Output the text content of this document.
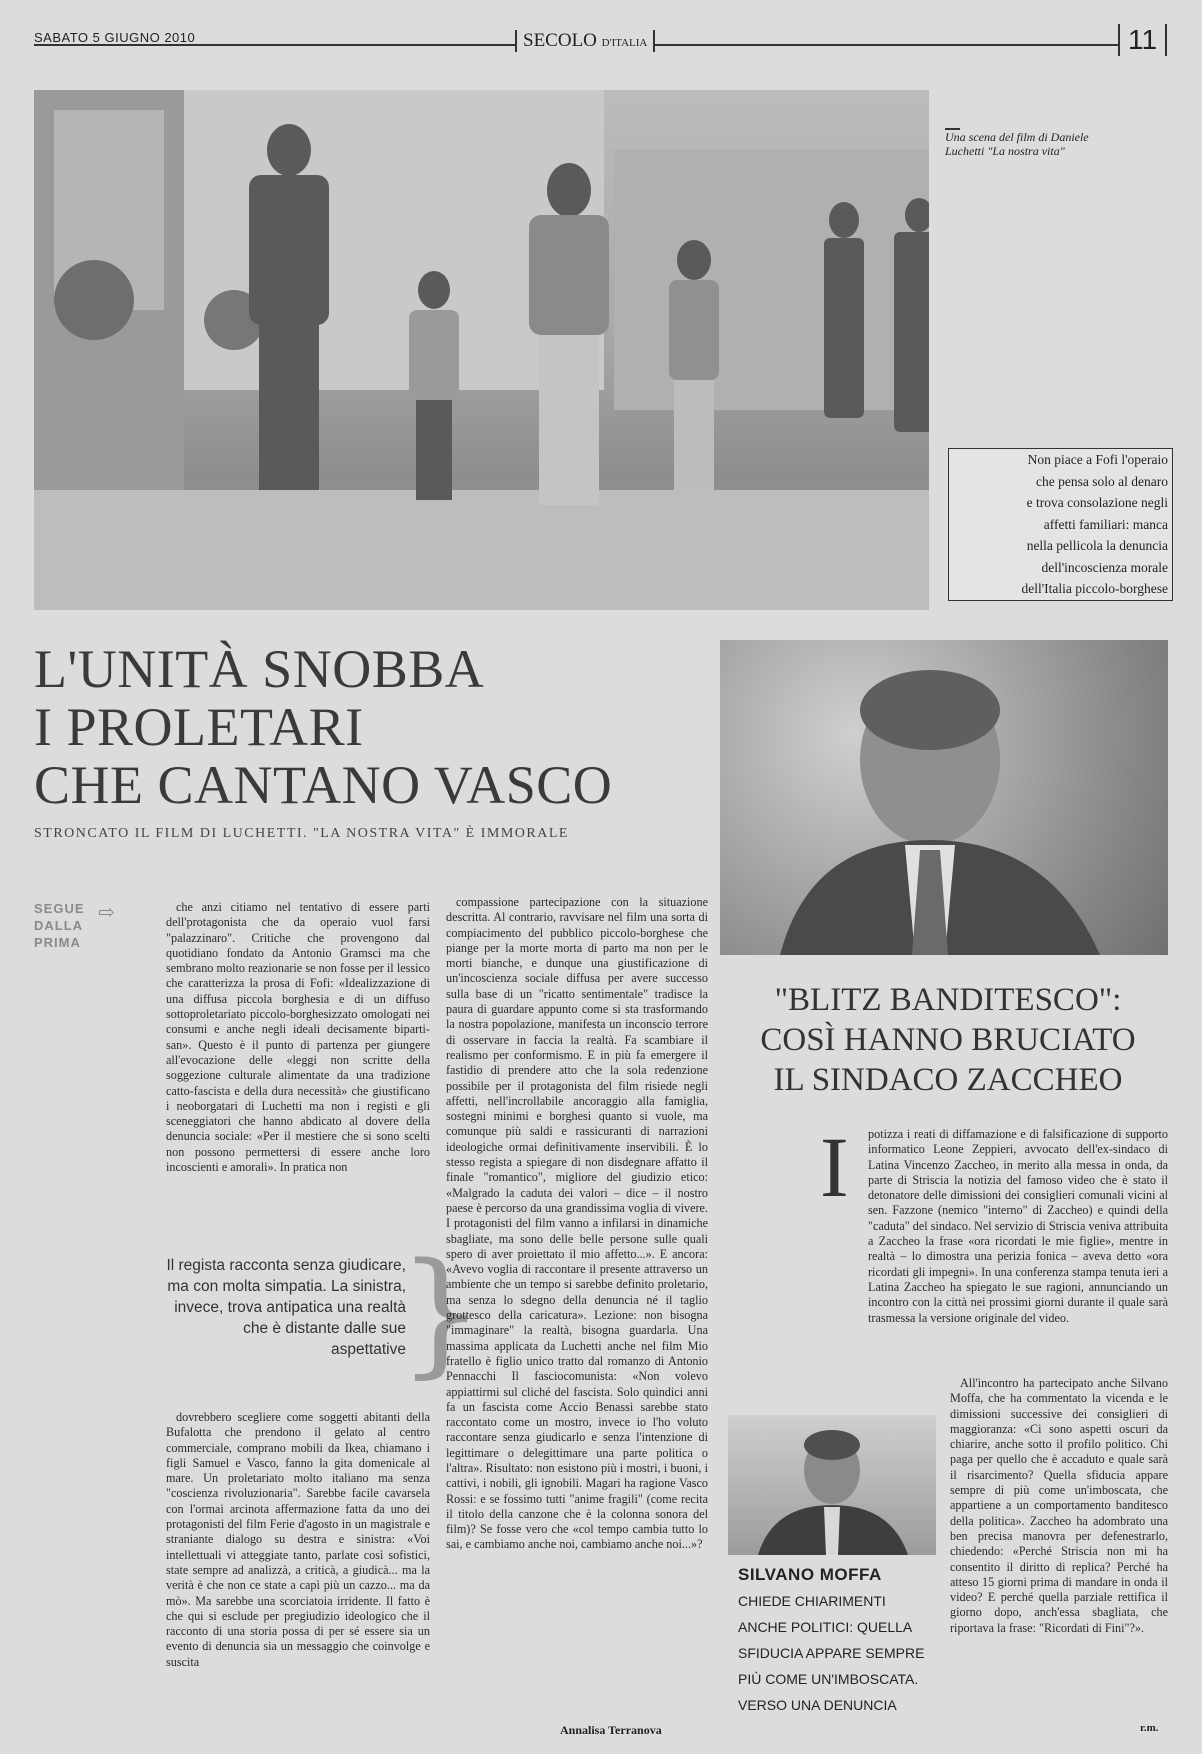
SABATO 5 GIUGNO 2010	SECOLO D'ITALIA	11
Una scena del film di Daniele Luchetti "La nostra vita"
Non piace a Fofi l'operaio
che pensa solo al denaro
e trova consolazione negli
affetti familiari: manca
nella pellicola la denuncia
dell'incoscienza morale
dell'Italia piccolo-borghese
L'UNITÀ SNOBBA
I PROLETARI
CHE CANTANO VASCO
STRONCATO IL FILM DI LUCHETTI. "LA NOSTRA VITA" È IMMORALE
SEGUE
DALLA
PRIMA
⇨	che anzi citiamo nel tentativo di essere parti dell'protagonista che da operaio vuol farsi "palazzinaro". Critiche che provengono dal quotidiano fondato da Antonio Gramsci ma che sembrano molto reazionarie se non fosse per il lessico che caratterizza la prosa di Fofi: «Idealizzazione di una diffusa piccola borghesia e di un diffuso sottoproletariato piccolo-borghesizzato omologati nei consumi e anche negli ideali decisamente biparti-san». Questo è il punto di partenza per giungere all'evocazione delle «leggi non scritte della soggezione culturale alimentate da una tradizione catto-fascista e della dura necessità» che giustificano i neoborgatari di Luchetti ma non i registi e gli sceneggiatori che hanno abdicato al dovere della denuncia sociale: «Per il mestiere che si sono scelti non possono permettersi di essere anche loro incoscienti e amorali». In pratica non

Il regista racconta senza giudicare, ma con molta simpatia. La sinistra, invece, trova antipatica una realtà che è distante dalle sue aspettative
}

dovrebbero scegliere come soggetti abitanti della Bufalotta che prendono il gelato al centro commerciale, comprano mobili da Ikea, chiamano i figli Samuel e Vasco, fanno la gita domenicale al mare. Un proletariato molto italiano ma senza "coscienza rivoluzionaria". Sarebbe facile cavarsela con l'ormai arcinota affermazione fatta da uno dei protagonisti del film Ferie d'agosto in un magistrale e straniante dialogo su destra e sinistra: «Voi intellettuali vi atteggiate tanto, parlate così sofistici, state sempre ad analizzà, a criticà, a giudicà... ma la verità è che non ce state a capì più un cazzo... ma da mò». Ma sarebbe una scorciatoia irridente. Il fatto è che qui si esclude per pregiudizio ideologico che il racconto di una storia possa di per sé essere sia un evento di denuncia sia un messaggio che coinvolge e suscita

compassione partecipazione con la situazione descritta. Al contrario, ravvisare nel film una sorta di compiacimento del pubblico piccolo-borghese che piange per la morte morta di parto ma non per le morti bianche, e dunque una giustificazione di un'incoscienza sociale diffusa per avere successo sulla base di un "ricatto sentimentale" tradisce la paura di guardare appunto come si sta trasformando la nostra popolazione, manifesta un inconscio terrore di osservare in faccia la realtà. Fa scambiare il realismo per conformismo. E in più fa emergere il fastidio di prendere atto che la sola redenzione possibile per il protagonista del film risiede negli affetti, nell'incrollabile ancoraggio alla famiglia, sostegni minimi e borghesi quanto si vuole, ma comunque più saldi e rassicuranti di narrazioni ideologiche ormai definitivamente inservibili. È lo stesso regista a spiegare di non disdegnare affatto il finale "romantico", migliore del giudizio etico: «Malgrado la caduta dei valori – dice – il nostro paese è percorso da una grandissima voglia di vivere. I protagonisti del film vanno a infilarsi in dinamiche sbagliate, ma sono delle belle persone sulle quali spero di aver proiettato il mio affetto...». E ancora: «Avevo voglia di raccontare il presente attraverso un ambiente che un tempo si sarebbe definito proletario, ma senza lo sdegno della denuncia né il taglio grottesco della caricatura». Lezione: non bisogna "immaginare" la realtà, bisogna guardarla. Una massima applicata da Luchetti anche nel film Mio fratello è figlio unico tratto dal romanzo di Antonio Pennacchi Il fasciocomunista: «Non volevo appiattirmi sul cliché del fascista. Solo quindici anni fa un fascista come Accio Benassi sarebbe stato raccontato come un mostro, invece io l'ho voluto raccontare senza giudicarlo e senza l'intenzione di legittimare o delegittimare una parte politica o l'altra». Risultato: non esistono più i mostri, i buoni, i cattivi, i nobili, gli ignobili. Magari ha ragione Vasco Rossi: e se fossimo tutti "anime fragili" (come recita il titolo della canzone che è la colonna sonora del film)? Se fosse vero che «col tempo cambia tutto lo sai, e cambiamo anche noi, cambiamo anche noi...»?

Annalisa Terranova
"BLITZ BANDITESCO":
COSÌ HANNO BRUCIATO
IL SINDACO ZACCHEO
I potizza i reati di diffamazione e di falsificazione di supporto informatico Leone Zeppieri, avvocato dell'ex-sindaco di Latina Vincenzo Zaccheo, in merito alla messa in onda, da parte di Striscia la notizia del famoso video che è stato il detonatore delle dimissioni dei consiglieri comunali vicini al sen. Fazzone (nemico "interno" di Zaccheo) e quindi della "caduta" del sindaco. Nel servizio di Striscia veniva attribuita a Zaccheo la frase «ora ricordati le mie figlie», mentre in realtà – lo dimostra una perizia fonica – aveva detto «ora ricordati gli impegni». In una conferenza stampa tenuta ieri a Latina Zaccheo ha spiegato le sue ragioni, annunciando un incontro con la città nei prossimi giorni durante il quale sarà trasmessa la versione originale del video.

All'incontro ha partecipato anche Silvano Moffa, che ha commentato la vicenda e le dimissioni successive dei consiglieri di maggioranza: «Ci sono aspetti oscuri da chiarire, anche sotto il profilo politico. Chi paga per quello che è accaduto e quale sarà il risarcimento? Quella sfiducia appare sempre di più come un'imboscata, che appartiene a un comportamento banditesco della politica». Zaccheo ha adombrato una ben precisa manovra per defenestrarlo, chiedendo: «Perché Striscia non mi ha consentito il diritto di replica? Perché ha atteso 15 giorni prima di mandare in onda il video? E perché quella parziale rettifica il giorno dopo, anch'essa sbagliata, che riportava la frase: "Ricordati di Fini"?».

r.m.
SILVANO MOFFA
CHIEDE CHIARIMENTI
ANCHE POLITICI: QUELLA
SFIDUCIA APPARE SEMPRE
PIÙ COME UN'IMBOSCATA.
VERSO UNA DENUNCIA
